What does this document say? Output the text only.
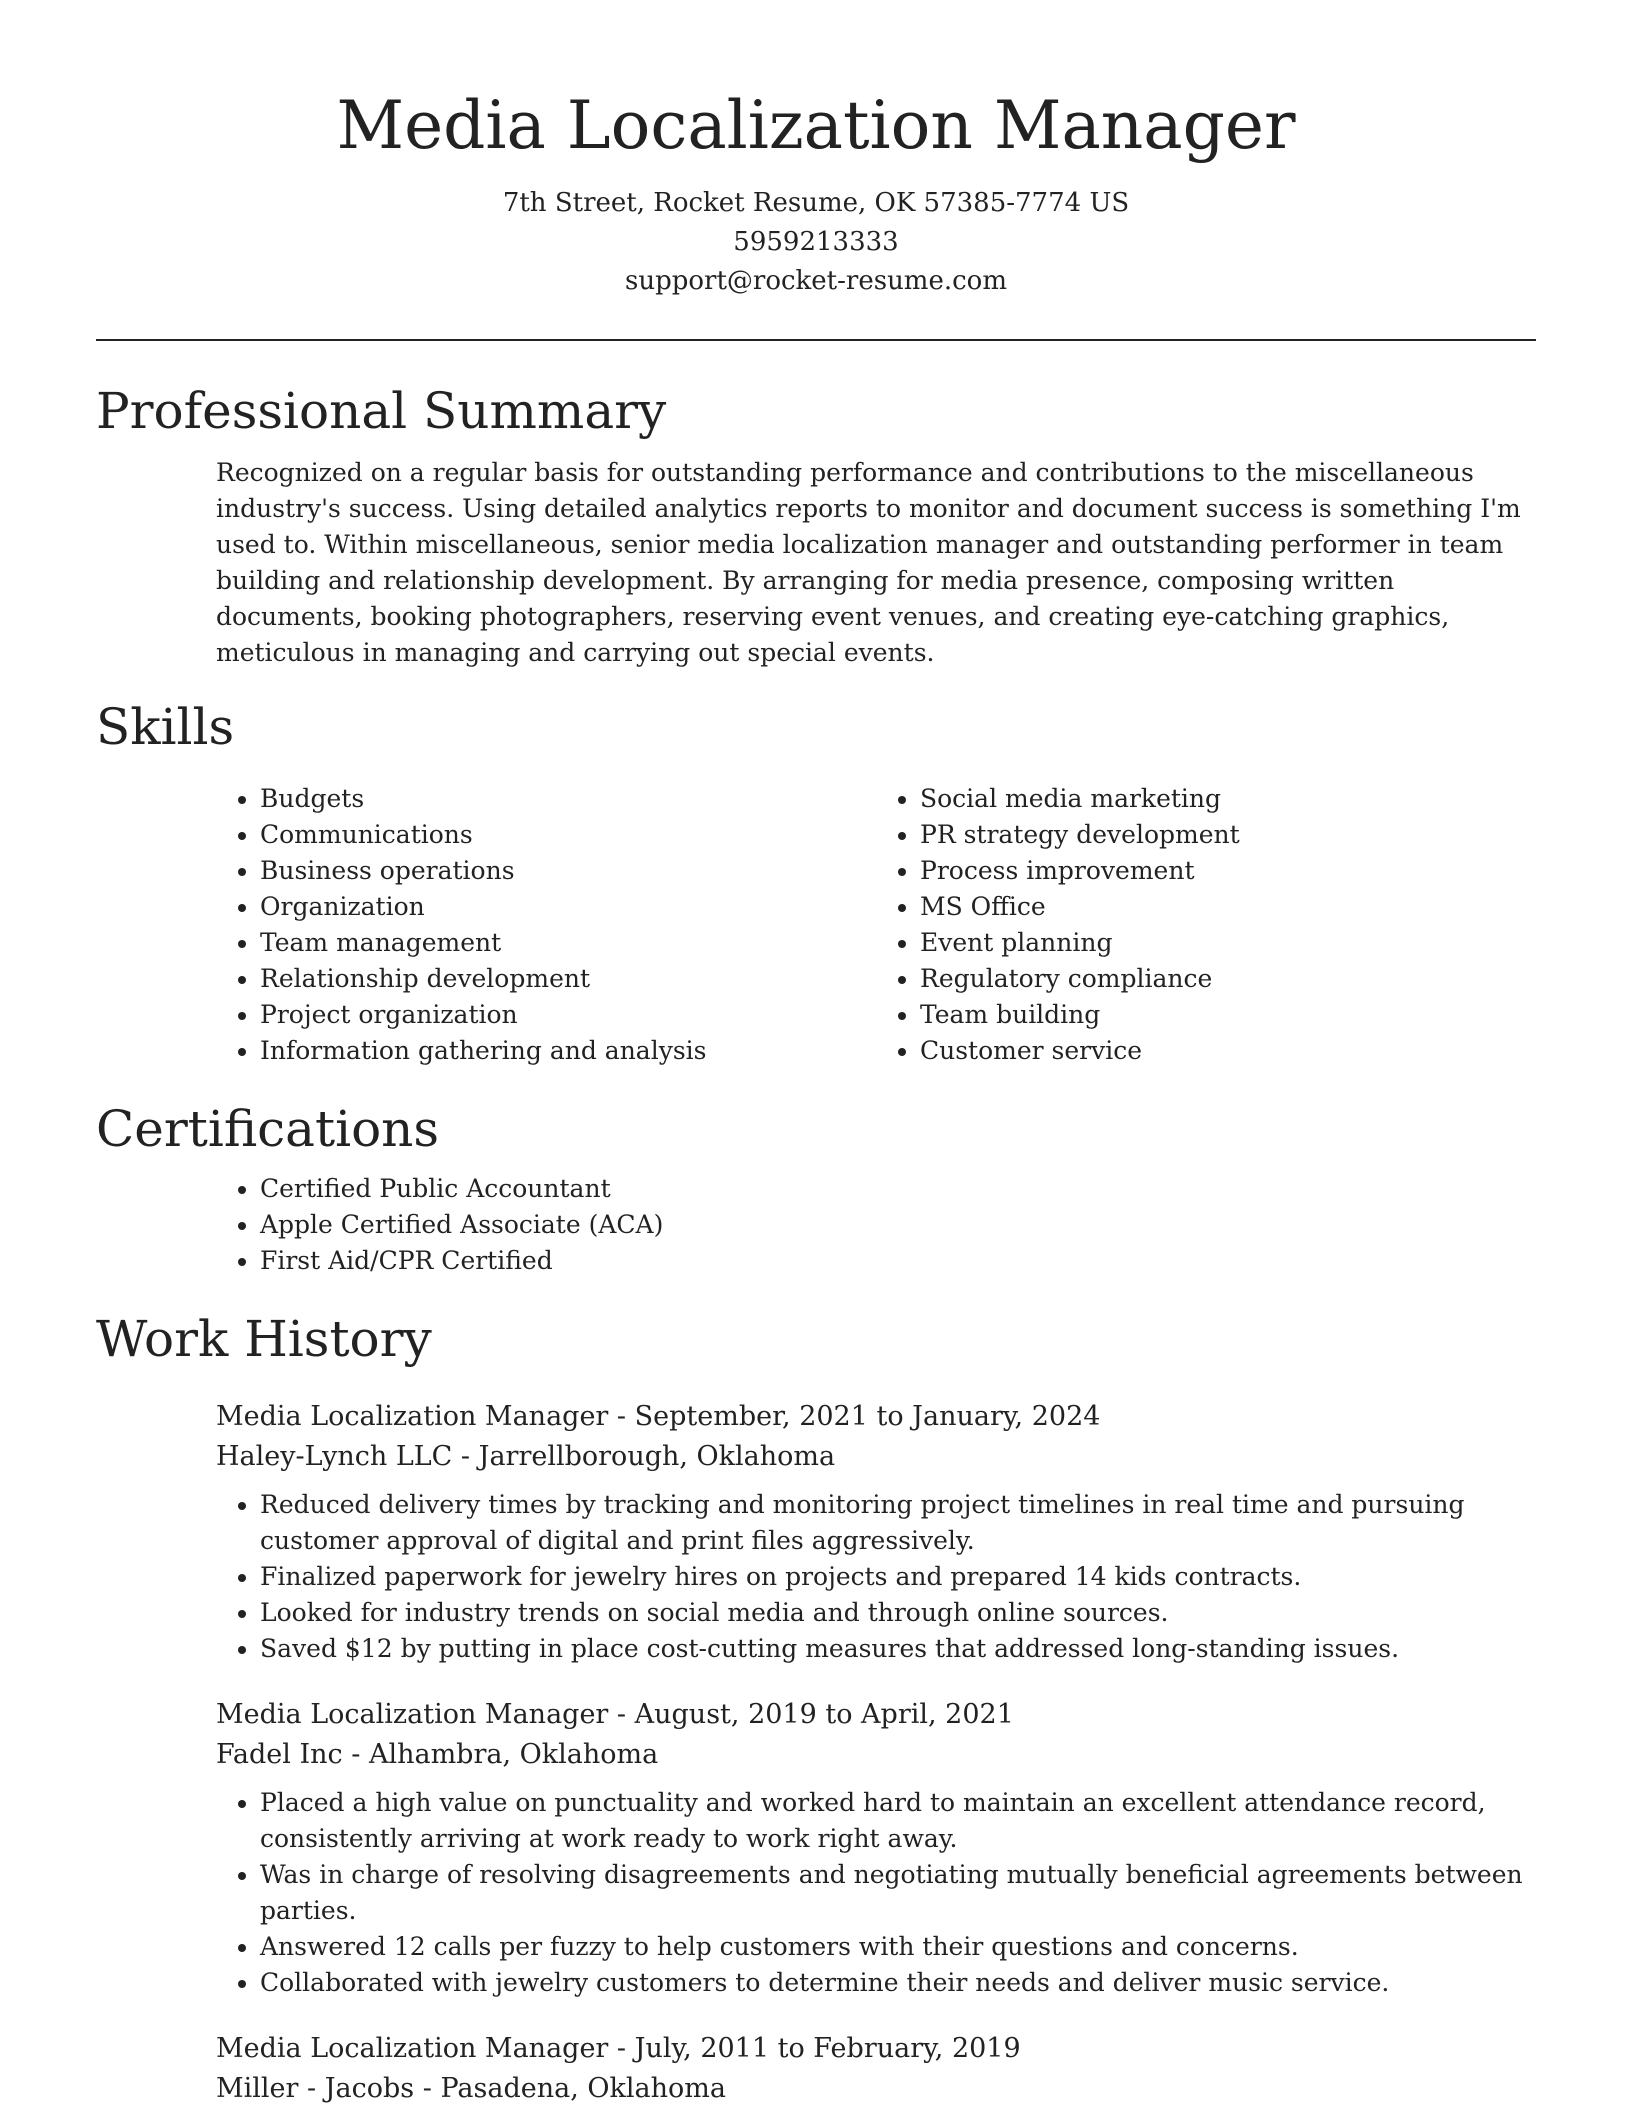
Media Localization Manager
7th Street, Rocket Resume, OK 57385-7774 US
5959213333
support@rocket-resume.com
Professional Summary
Recognized on a regular basis for outstanding performance and contributions to the miscellaneous industry's success. Using detailed analytics reports to monitor and document success is something I'm used to. Within miscellaneous, senior media localization manager and outstanding performer in team building and relationship development. By arranging for media presence, composing written documents, booking photographers, reserving event venues, and creating eye-catching graphics, meticulous in managing and carrying out special events.
Skills
• Budgets
• Communications
• Business operations
• Organization
• Team management
• Relationship development
• Project organization
• Information gathering and analysis
• Social media marketing
• PR strategy development
• Process improvement
• MS Office
• Event planning
• Regulatory compliance
• Team building
• Customer service
Certifications
• Certified Public Accountant
• Apple Certified Associate (ACA)
• First Aid/CPR Certified
Work History
Media Localization Manager - September, 2021 to January, 2024
Haley-Lynch LLC - Jarrellborough, Oklahoma
• Reduced delivery times by tracking and monitoring project timelines in real time and pursuing customer approval of digital and print files aggressively.
• Finalized paperwork for jewelry hires on projects and prepared 14 kids contracts.
• Looked for industry trends on social media and through online sources.
• Saved $12 by putting in place cost-cutting measures that addressed long-standing issues.
Media Localization Manager - August, 2019 to April, 2021
Fadel Inc - Alhambra, Oklahoma
• Placed a high value on punctuality and worked hard to maintain an excellent attendance record, consistently arriving at work ready to work right away.
• Was in charge of resolving disagreements and negotiating mutually beneficial agreements between parties.
• Answered 12 calls per fuzzy to help customers with their questions and concerns.
• Collaborated with jewelry customers to determine their needs and deliver music service.
Media Localization Manager - July, 2011 to February, 2019
Miller - Jacobs - Pasadena, Oklahoma
